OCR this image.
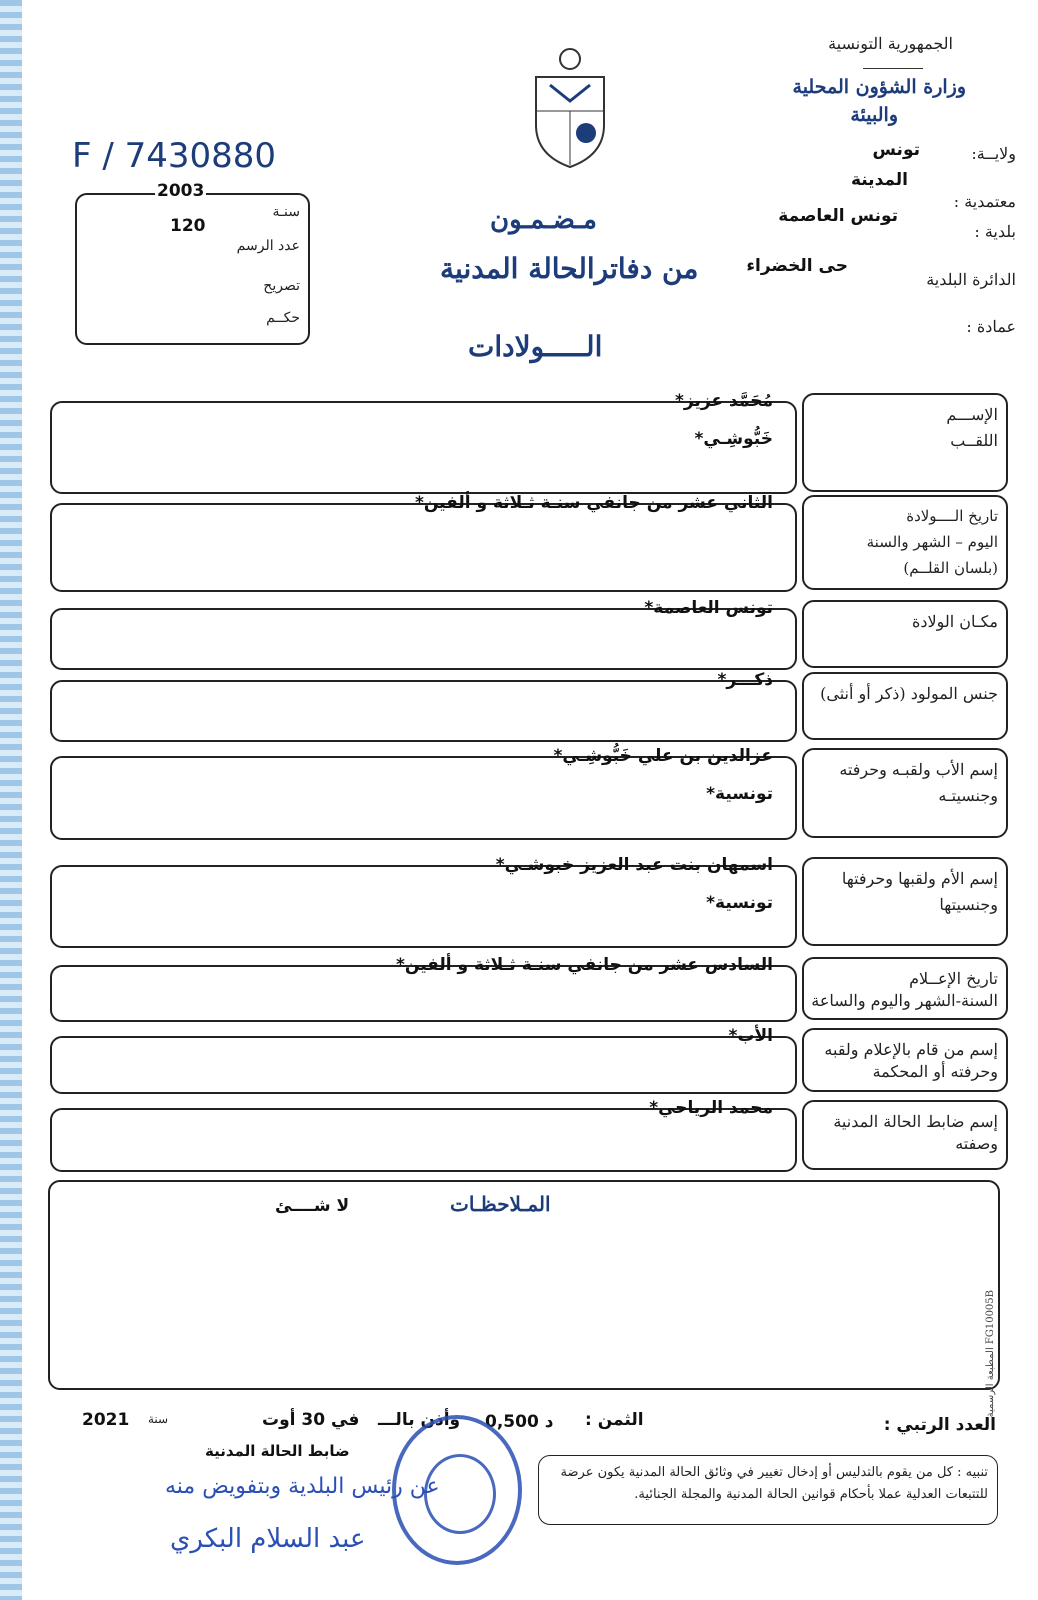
الجمهورية التونسية
وزارة الشؤون المحلية
والبيئة
ولايــة:
تونس
المدينة
معتمدية :
تونس العاصمة
بلدية :
حى الخضراء
الدائرة البلدية
عمادة :
F / 7430880
2003
سنـة
120
عدد الرسم
تصريح
حكــم
مـضـمـون
من دفاترالحالة المدنية
الـــــولادات
الإســـم
اللقــب
مُحَمَّد عزيز*
خَبُّوشِـي*
تاريخ الــــولادة
اليوم – الشهر والسنة
(بلسان القلــم)
الثاني عشر من جانفي سنـة ثـلاثة و ألفين*
مكـان الولادة
تونس العاصمة*
جنس المولود (ذكر أو أنثى)
ذكـــر*
إسم الأب ولقبـه وحرفته
وجنسيتـه
عزالدين بن علي خَبُّوشِـي*
تونسية*
إسم الأم ولقبها وحرفتها
وجنسيتها
اسمهان بنت عبد العزيز خبوشـي*
تونسية*
تاريخ الإعــلام
السنة-الشهر واليوم والساعة
السادس عشر من جانفي سنـة ثـلاثة و ألفين*
إسم من قام بالإعلام ولقبه
وحرفته أو المحكمة
الأب*
إسم ضابط الحالة المدنية
وصفته
محمد الرياحي*
المـلاحظـات
لا شــــئ
المطبعة الرسمية FG10005B
العدد الرتبي :
الثمن :
0,500 د
وأذن بالـــ
في 30 أوت
سنة
2021
ضابط الحالة المدنية
عن رئيس البلدية وبتفويض منه
عبد السلام البكري
تنبيه : كل من يقوم بالتدليس أو إدخال تغيير في وثائق الحالة المدنية يكون عرضة للتتبعات العدلية عملا بأحكام قوانين الحالة المدنية والمجلة الجنائية.
